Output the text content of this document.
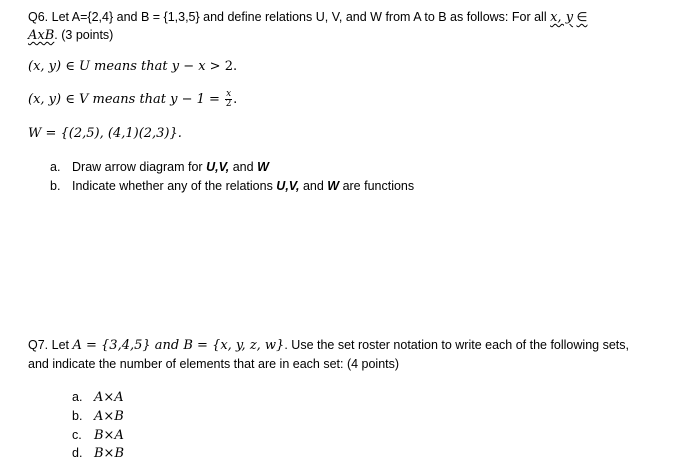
Q6. Let A={2,4} and B = {1,3,5} and define relations U, V, and W from A to B as follows: For all x, y ∈
AxB. (3 points)
(x, y) ∈ U means that y − x > 2.
(x, y) ∈ V means that $y - 1 = \frac{x}{2}$ .
W = {(2,5), (4,1)(2,3)}.
a. Draw arrow diagram for U,V, and W
b. Indicate whether any of the relations U,V, and W are functions
Q7. Let A = {3,4,5} and B = {x, y, z, w}. Use the set roster notation to write each of the following sets,
and indicate the number of elements that are in each set: (4 points)
a. A×A
b. A×B
c. B×A
d. B×B
